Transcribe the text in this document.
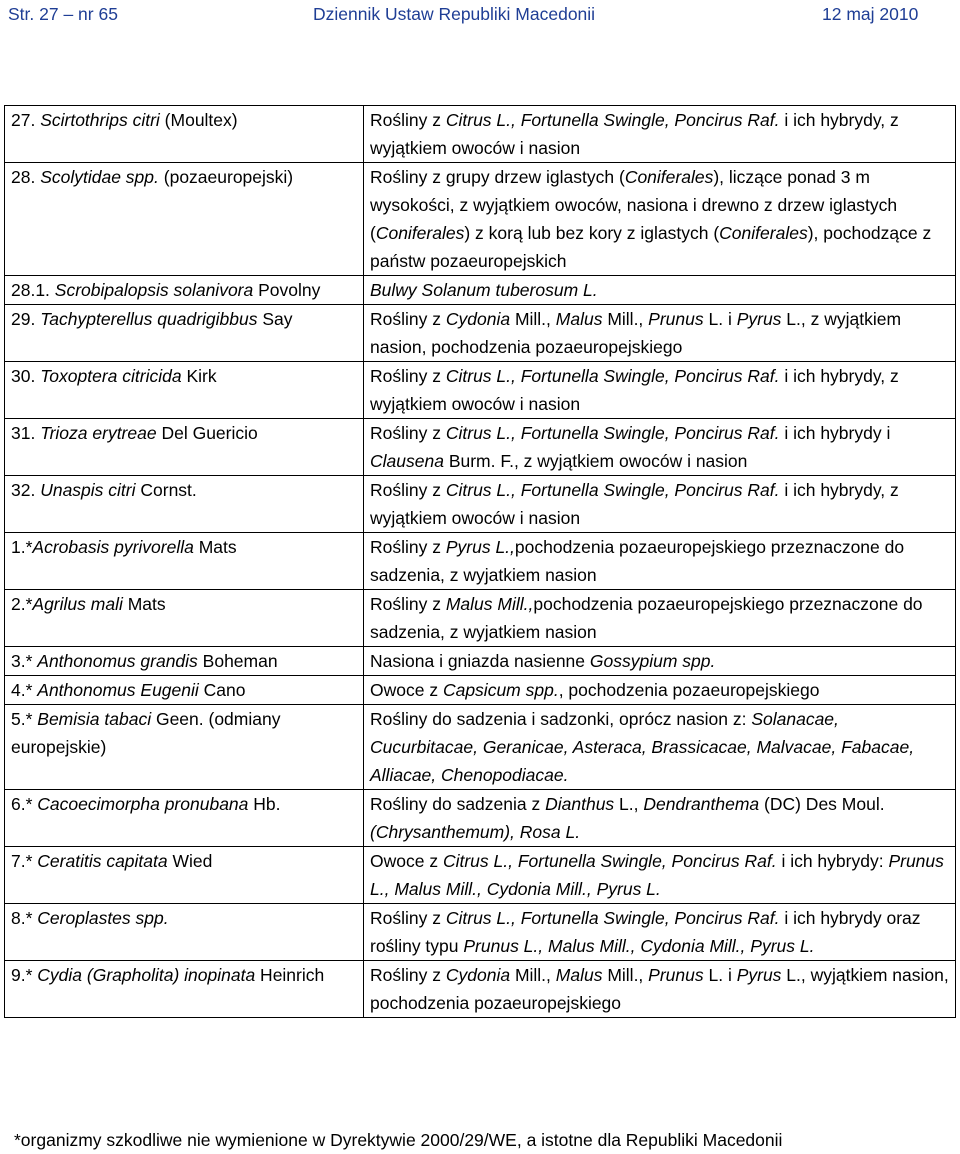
Str. 27 – nr 65	Dziennik Ustaw Republiki Macedonii	12 maj 2010
27. Scirtothrips citri (Moultex)	Rośliny z Citrus L., Fortunella Swingle, Poncirus Raf. i ich hybrydy, z wyjątkiem owoców i nasion
28. Scolytidae spp. (pozaeuropejski)	Rośliny z grupy drzew iglastych (Coniferales), liczące ponad 3 m wysokości, z wyjątkiem owoców, nasiona i drewno z drzew iglastych (Coniferales) z korą lub bez kory z iglastych (Coniferales), pochodzące z państw pozaeuropejskich
28.1. Scrobipalopsis solanivora Povolny	Bulwy Solanum tuberosum L.
29. Tachypterellus quadrigibbus Say	Rośliny z Cydonia Mill., Malus Mill., Prunus L. i Pyrus L., z wyjątkiem nasion, pochodzenia pozaeuropejskiego
30. Toxoptera citricida Kirk	Rośliny z Citrus L., Fortunella Swingle, Poncirus Raf. i ich hybrydy, z wyjątkiem owoców i nasion
31. Trioza erytreae Del Guericio	Rośliny z Citrus L., Fortunella Swingle, Poncirus Raf. i ich hybrydy i Clausena Burm. F., z wyjątkiem owoców i nasion
32. Unaspis citri Cornst.	Rośliny z Citrus L., Fortunella Swingle, Poncirus Raf. i ich hybrydy, z wyjątkiem owoców i nasion
1.*Acrobasis pyrivorella Mats	Rośliny z Pyrus L.,pochodzenia pozaeuropejskiego przeznaczone do sadzenia, z wyjatkiem nasion
2.*Agrilus mali Mats	Rośliny z Malus Mill.,pochodzenia pozaeuropejskiego przeznaczone do sadzenia, z wyjatkiem nasion
3.* Anthonomus grandis Boheman	Nasiona i gniazda nasienne Gossypium spp.
4.* Anthonomus Eugenii Cano	Owoce z Capsicum spp., pochodzenia pozaeuropejskiego
5.* Bemisia tabaci Geen. (odmiany europejskie)	Rośliny do sadzenia i sadzonki, oprócz nasion z: Solanacae, Cucurbitacae, Geranicae, Asteraca, Brassicacae, Malvacae, Fabacae, Alliacae, Chenopodiacae.
6.* Cacoecimorpha pronubana Hb.	Rośliny do sadzenia z Dianthus L., Dendranthema (DC) Des Moul. (Chrysanthemum), Rosa L.
7.* Ceratitis capitata Wied	Owoce z Citrus L., Fortunella Swingle, Poncirus Raf. i ich hybrydy: Prunus L., Malus Mill., Cydonia Mill., Pyrus L.
8.* Ceroplastes spp.	Rośliny z Citrus L., Fortunella Swingle, Poncirus Raf. i ich hybrydy oraz rośliny typu Prunus L., Malus Mill., Cydonia Mill., Pyrus L.
9.* Cydia (Grapholita) inopinata Heinrich	Rośliny z Cydonia Mill., Malus Mill., Prunus L. i Pyrus L., wyjątkiem nasion, pochodzenia pozaeuropejskiego
*organizmy szkodliwe nie wymienione w Dyrektywie 2000/29/WE, a istotne dla Republiki Macedonii
